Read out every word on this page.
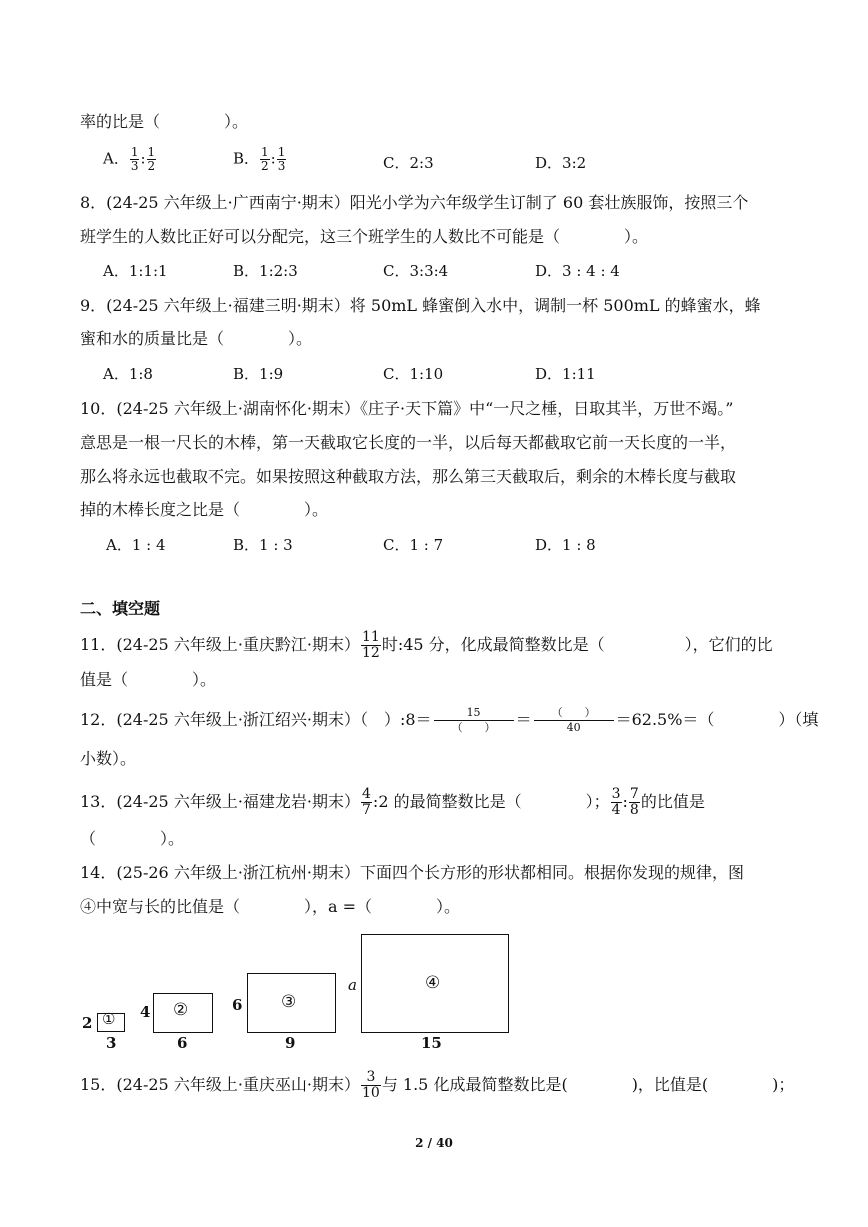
率的比是（　　　　）。
A． $\frac{1}{3}$ : $\frac{1}{2}$	B． $\frac{1}{2}$ : $\frac{1}{3}$	C．2:3	D．3:2
8．(24-25 六年级上·广西南宁·期末）阳光小学为六年级学生订制了 60 套壮族服饰，按照三个
班学生的人数比正好可以分配完，这三个班学生的人数比不可能是（　　　　）。
A．1:1:1	B．1:2:3	C．3:3:4	D．3 : 4 : 4
9．(24-25 六年级上·福建三明·期末）将 50mL 蜂蜜倒入水中，调制一杯 500mL 的蜂蜜水，蜂
蜜和水的质量比是（　　　　）。
A．1:8	B．1:9	C．1:10	D．1:11
10．(24-25 六年级上·湖南怀化·期末）《庄子·天下篇》中“一尺之棰，日取其半，万世不竭。”
意思是一根一尺长的木棒，第一天截取它长度的一半，以后每天都截取它前一天长度的一半，
那么将永远也截取不完。如果按照这种截取方法，那么第三天截取后，剩余的木棒长度与截取
掉的木棒长度之比是（　　　　）。
A．1 : 4	B．1 : 3	C．1 : 7	D．1 : 8
二、填空题
11．(24-25 六年级上·重庆黔江·期末） $\frac{11}{12}$ 时:45 分，化成最简整数比是（　　　　　），它们的比
值是（　　　　）。
12．(24-25 六年级上·浙江绍兴·期末）（　）:8＝	15
（　　）	＝	（　　）
40	＝62.5%＝（　　　　）（填
小数）。
13．(24-25 六年级上·福建龙岩·期末） $\frac{4}{7}$ :2 的最简整数比是（　　　　）； $\frac{3}{4}$ : $\frac{7}{8}$ 的比值是
（　　　　）。
14．(25-26 六年级上·浙江杭州·期末）下面四个长方形的形状都相同。根据你发现的规律，图
④中宽与长的比值是（　　　　），a =（　　　　）。
①
2
3
②
4
6
③
6
9
④
a
15
15．(24-25 六年级上·重庆巫山·期末） $\frac{3}{10}$ 与 1.5 化成最简整数比是(　　　　)，比值是(　　　　)；
2 / 40
